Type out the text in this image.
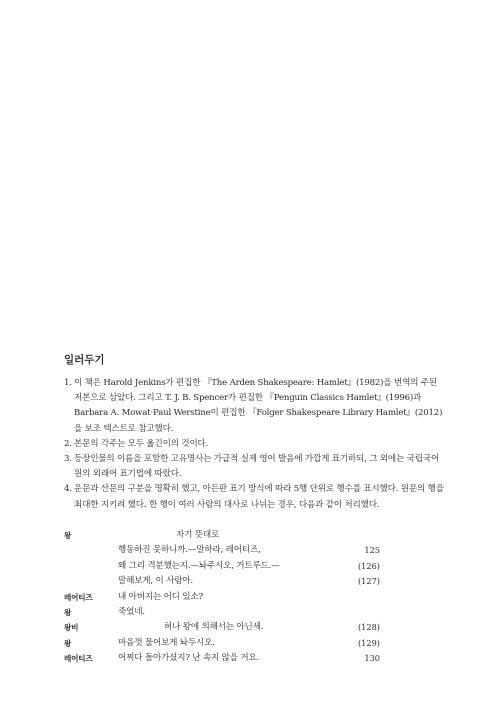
일러두기
1. 이 책은 Harold Jenkins가 편집한 『The Arden Shakespeare: Hamlet』(1982)을 번역의 주된 저본으로 삼았다. 그리고 T. J. B. Spencer가 편집한 『Penguin Classics Hamlet』(1996)과 Barbara A. Mowat·Paul Werstine이 편집한 『Folger Shakespeare Library Hamlet』(2012)을 보조 텍스트로 참고했다.
2. 본문의 각주는 모두 옮긴이의 것이다.
3. 등장인물의 이름을 포함한 고유명사는 가급적 실제 영어 발음에 가깝게 표기하되, 그 외에는 국립국어원의 외래어 표기법에 따랐다.
4. 운문과 산문의 구분을 명확히 했고, 아든판 표기 방식에 따라 5행 단위로 행수를 표시했다. 원문의 행을 최대한 지키려 했다. 한 행이 여러 사람의 대사로 나뉘는 경우, 다음과 같이 처리했다.
왕	자기 뜻대로
행동하진 못하니까.—말하라, 레어티즈,	125
왜 그리 격분했는지.—놔주시오, 거트루드.—	(126)
말해보게, 이 사람아.	(127)
레어티즈	내 아버지는 어디 있소?
왕	죽었네.
왕비	허나 왕에 의해서는 아닌세.	(128)
왕	마음껏 물어보게 놔두시오.	(129)
레어티즈	어찌다 돌아가셨지? 난 속지 않을 거요.	130
